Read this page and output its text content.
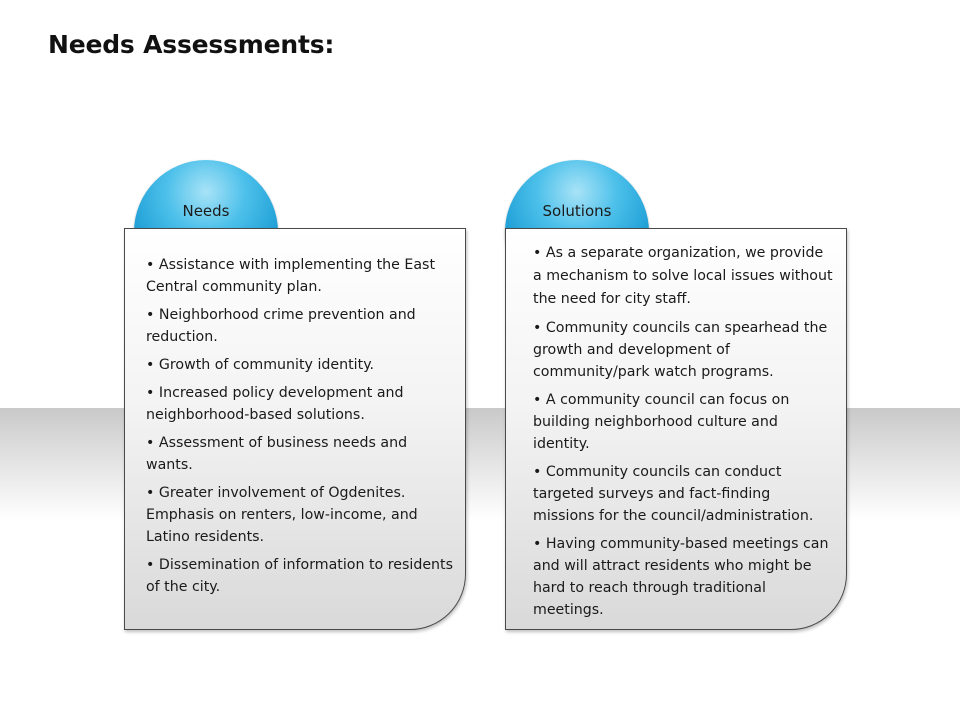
Needs Assessments:
Needs
• Assistance with implementing the East Central community plan.
• Neighborhood crime prevention and reduction.
• Growth of community identity.
• Increased policy development and neighborhood-based solutions.
• Assessment of business needs and wants.
• Greater involvement of Ogdenites. Emphasis on renters, low-income, and Latino residents.
• Dissemination of information to residents of the city.
Solutions
• As a separate organization, we provide a mechanism to solve local issues without the need for city staff.
• Community councils can spearhead the growth and development of community/park watch programs.
• A community council can focus on building neighborhood culture and identity.
• Community councils can conduct targeted surveys and fact-finding missions for the council/administration.
• Having community-based meetings can and will attract residents who might be hard to reach through traditional meetings.
